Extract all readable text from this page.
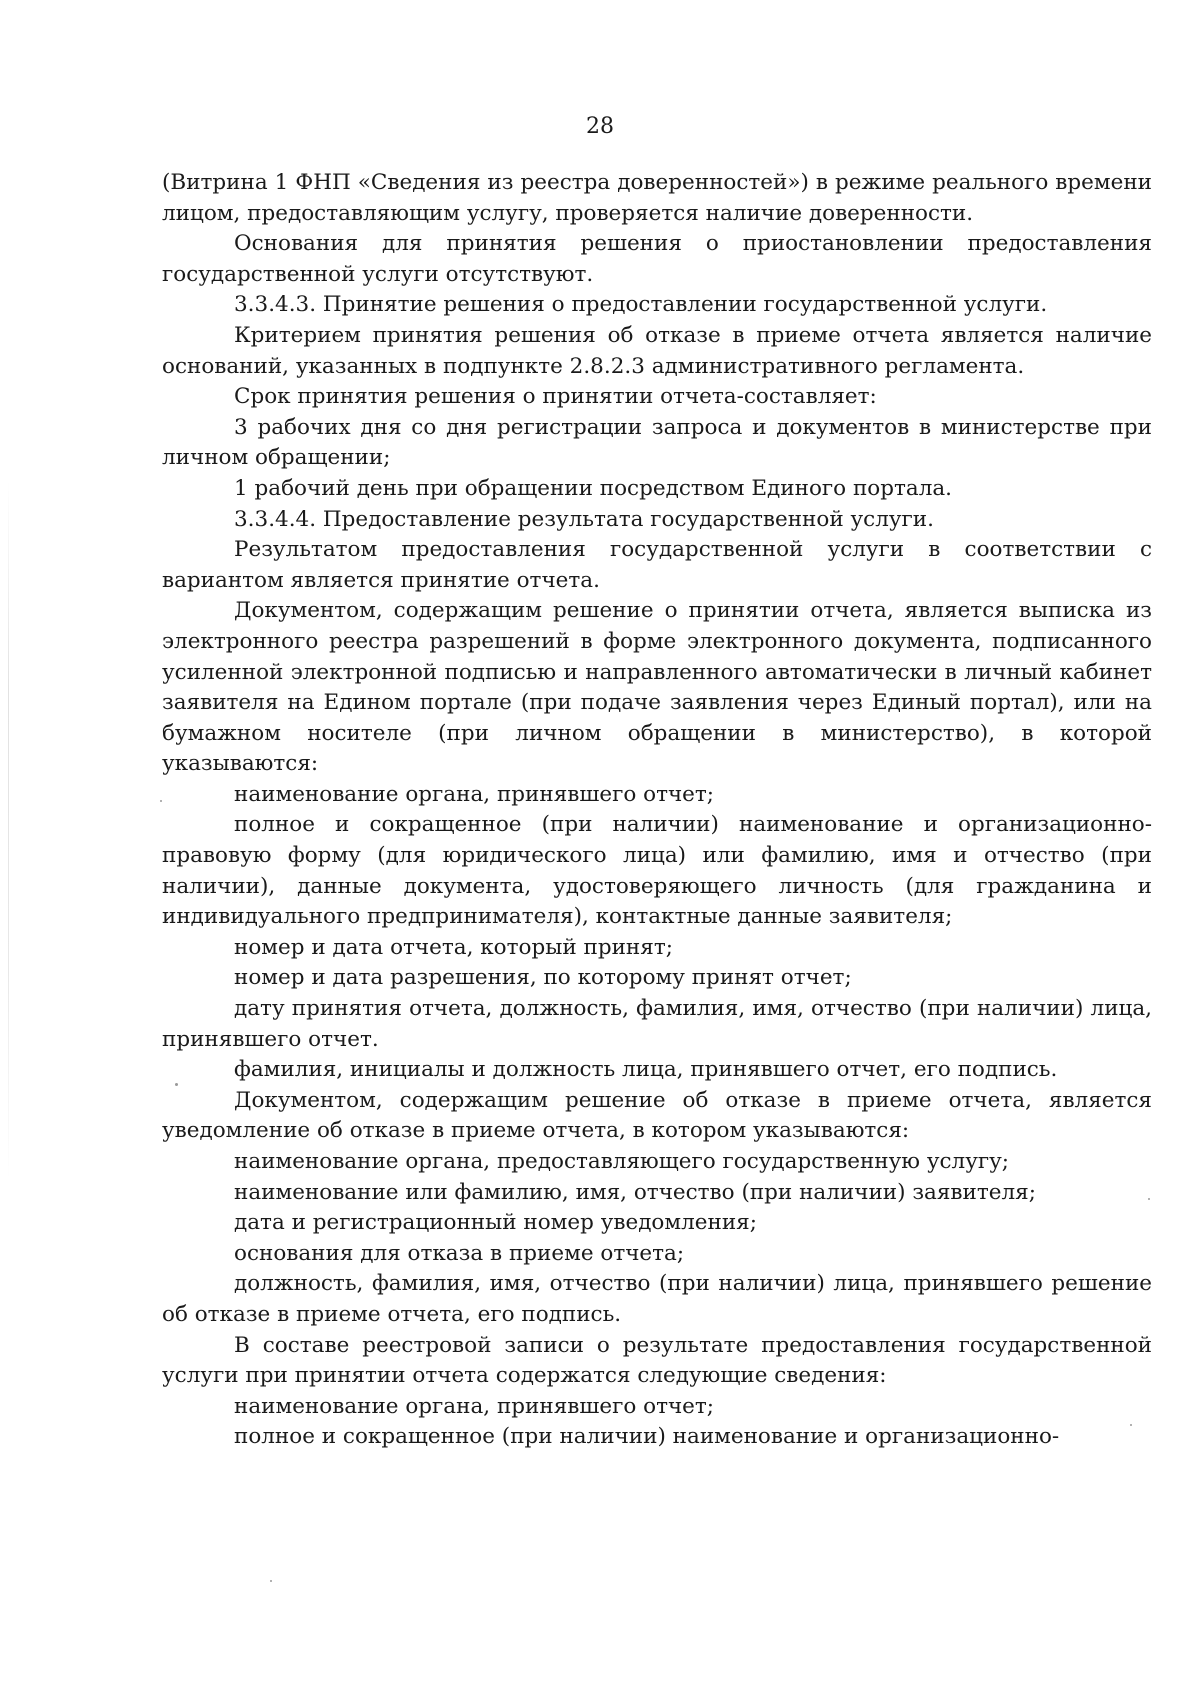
28

(Витрина 1 ФНП «Сведения из реестра доверенностей») в режиме реального времени лицом, предоставляющим услугу, проверяется наличие доверенности.

Основания для принятия решения о приостановлении предоставления государственной услуги отсутствуют.

3.3.4.3. Принятие решения о предоставлении государственной услуги.

Критерием принятия решения об отказе в приеме отчета является наличие оснований, указанных в подпункте 2.8.2.3 административного регламента.

Срок принятия решения о принятии отчета-составляет:

3 рабочих дня со дня регистрации запроса и документов в министерстве при личном обращении;

1 рабочий день при обращении посредством Единого портала.

3.3.4.4. Предоставление результата государственной услуги.

Результатом предоставления государственной услуги в соответствии с вариантом является принятие отчета.

Документом, содержащим решение о принятии отчета, является выписка из электронного реестра разрешений в форме электронного документа, подписанного усиленной электронной подписью и направленного автоматически в личный кабинет заявителя на Едином портале (при подаче заявления через Единый портал), или на бумажном носителе (при личном обращении в министерство), в которой указываются:

наименование органа, принявшего отчет;

полное и сокращенное (при наличии) наименование и организационно-правовую форму (для юридического лица) или фамилию, имя и отчество (при наличии), данные документа, удостоверяющего личность (для гражданина и индивидуального предпринимателя), контактные данные заявителя;

номер и дата отчета, который принят;

номер и дата разрешения, по которому принят отчет;

дату принятия отчета, должность, фамилия, имя, отчество (при наличии) лица, принявшего отчет.

фамилия, инициалы и должность лица, принявшего отчет, его подпись.

Документом, содержащим решение об отказе в приеме отчета, является уведомление об отказе в приеме отчета, в котором указываются:

наименование органа, предоставляющего государственную услугу;

наименование или фамилию, имя, отчество (при наличии) заявителя;

дата и регистрационный номер уведомления;

основания для отказа в приеме отчета;

должность, фамилия, имя, отчество (при наличии) лица, принявшего решение об отказе в приеме отчета, его подпись.

В составе реестровой записи о результате предоставления государственной услуги при принятии отчета содержатся следующие сведения:

наименование органа, принявшего отчет;

полное и сокращенное (при наличии) наименование и организационно-
